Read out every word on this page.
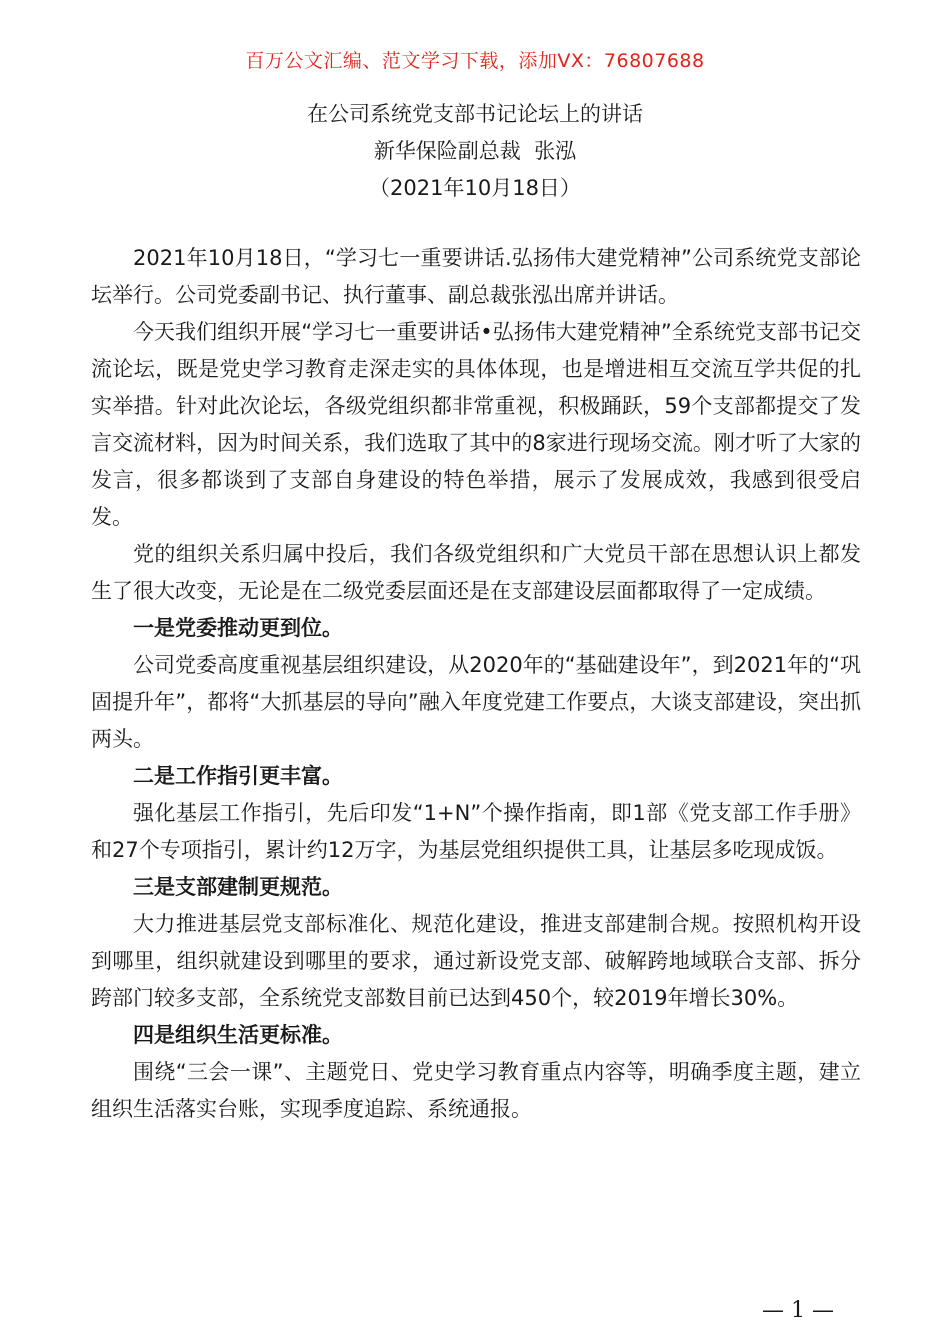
百万公文汇编、范文学习下载，添加VX：76807688
在公司系统党支部书记论坛上的讲话
新华保险副总裁  张泓
（2021年10月18日）

2021年10月18日，“学习七一重要讲话.弘扬伟大建党精神”公司系统党支部论坛举行。公司党委副书记、执行董事、副总裁张泓出席并讲话。

今天我们组织开展“学习七一重要讲话•弘扬伟大建党精神”全系统党支部书记交流论坛，既是党史学习教育走深走实的具体体现，也是增进相互交流互学共促的扎实举措。针对此次论坛，各级党组织都非常重视，积极踊跃，59个支部都提交了发言交流材料，因为时间关系，我们选取了其中的8家进行现场交流。刚才听了大家的发言，很多都谈到了支部自身建设的特色举措，展示了发展成效，我感到很受启发。

党的组织关系归属中投后，我们各级党组织和广大党员干部在思想认识上都发生了很大改变，无论是在二级党委层面还是在支部建设层面都取得了一定成绩。

一是党委推动更到位。

公司党委高度重视基层组织建设，从2020年的“基础建设年”，到2021年的“巩固提升年”，都将“大抓基层的导向”融入年度党建工作要点，大谈支部建设，突出抓两头。

二是工作指引更丰富。

强化基层工作指引，先后印发“1+N”个操作指南，即1部《党支部工作手册》和27个专项指引，累计约12万字，为基层党组织提供工具，让基层多吃现成饭。

三是支部建制更规范。

大力推进基层党支部标准化、规范化建设，推进支部建制合规。按照机构开设到哪里，组织就建设到哪里的要求，通过新设党支部、破解跨地域联合支部、拆分跨部门较多支部，全系统党支部数目前已达到450个，较2019年增长30%。

四是组织生活更标准。

围绕“三会一课”、主题党日、党史学习教育重点内容等，明确季度主题，建立组织生活落实台账，实现季度追踪、系统通报。

— 1 —
